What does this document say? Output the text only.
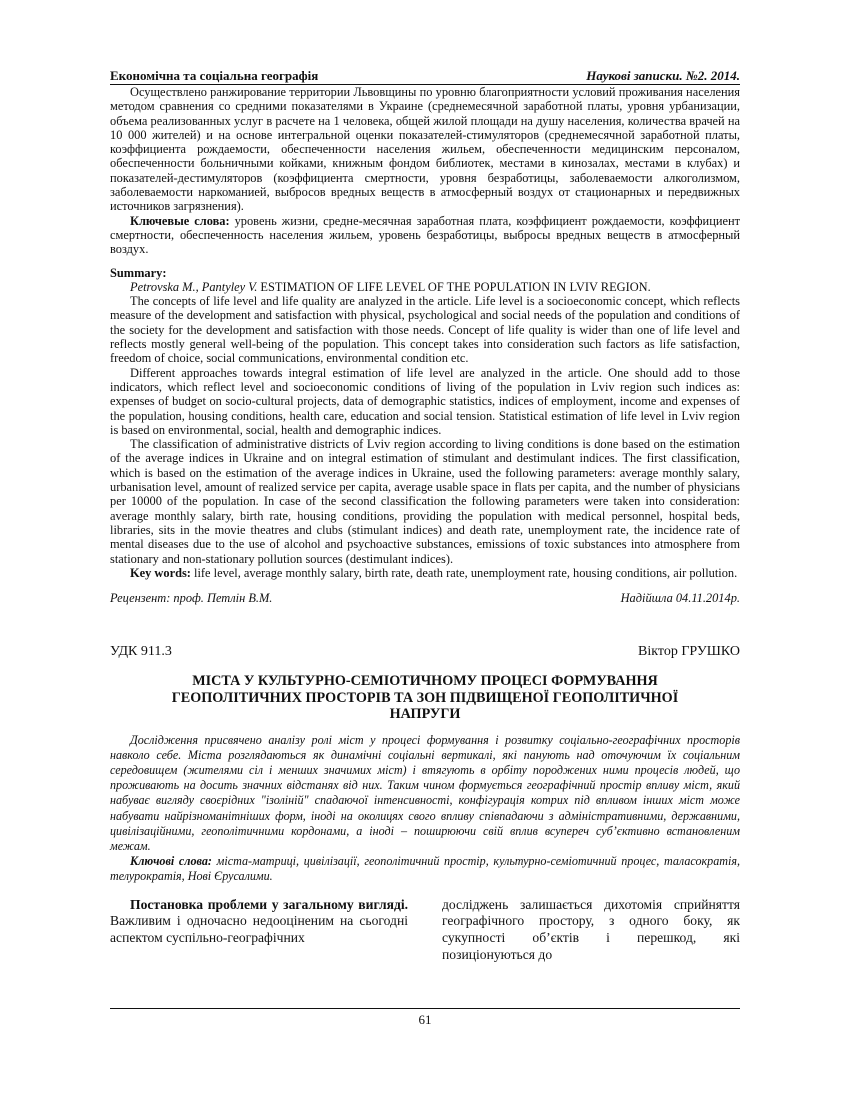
Економічна та соціальна географія	Наукові записки. №2. 2014.

Осуществлено ранжирование территории Львовщины по уровню благоприятности условий проживания населения методом сравнения со средними показателями в Украине (среднемесячной заработной платы, уровня урбанизации, объема реализованных услуг в расчете на 1 человека, общей жилой площади на душу населения, количества врачей на 10 000 жителей) и на основе интегральной оценки показателей-стимуляторов (среднемесячной заработной платы, коэффициента рождаемости, обеспеченности населения жильем, обеспеченности медицинским персоналом, обеспеченности больничными койками, книжным фондом библиотек, местами в кинозалах, местами в клубах) и показателей-дестимуляторов (коэффициента смертности, уровня безработицы, заболеваемости алкоголизмом, заболеваемости наркоманией, выбросов вредных веществ в атмосферный воздух от стационарных и передвижных источников загрязнения).

Ключевые слова: уровень жизни, средне-месячная заработная плата, коэффициент рождаемости, коэффициент смертности, обеспеченность населения жильем, уровень безработицы, выбросы вредных веществ в атмосферный воздух.

Summary:

Petrovska M., Pantyley V. ESTIMATION OF LIFE LEVEL OF THE POPULATION IN LVIV REGION.

The concepts of life level and life quality are analyzed in the article. Life level is a socioeconomic concept, which reflects measure of the development and satisfaction with physical, psychological and social needs of the population and conditions of the society for the development and satisfaction with those needs. Concept of life quality is wider than one of life level and reflects mostly general well-being of the population. This concept takes into consideration such factors as life satisfaction, freedom of choice, social communications, environmental condition etc.

Different approaches towards integral estimation of life level are analyzed in the article. One should add to those indicators, which reflect level and socioeconomic conditions of living of the population in Lviv region such indices as: expenses of budget on socio-cultural projects, data of demographic statistics, indices of employment, income and expenses of the population, housing conditions, health care, education and social tension. Statistical estimation of life level in Lviv region is based on environmental, social, health and demographic indices.

The classification of administrative districts of Lviv region according to living conditions is done based on the estimation of the average indices in Ukraine and on integral estimation of stimulant and destimulant indices. The first classification, which is based on the estimation of the average indices in Ukraine, used the following parameters: average monthly salary, urbanisation level, amount of realized service per capita, average usable space in flats per capita, and the number of physicians per 10000 of the population. In case of the second classification the following parameters were taken into consideration: average monthly salary, birth rate, housing conditions, providing the population with medical personnel, hospital beds, libraries, sits in the movie theatres and clubs (stimulant indices) and death rate, unemployment rate, the incidence rate of mental diseases due to the use of alcohol and psychoactive substances, emissions of toxic substances into atmosphere from stationary and non-stationary pollution sources (destimulant indices).

Key words: life level, average monthly salary, birth rate, death rate, unemployment rate, housing conditions, air pollution.

Рецензент: проф. Петлін В.М.	Надійшла 04.11.2014р.
УДК 911.3	Віктор ГРУШКО
МІСТА У КУЛЬТУРНО-СЕМІОТИЧНОМУ ПРОЦЕСІ ФОРМУВАННЯ
ГЕОПОЛІТИЧНИХ ПРОСТОРІВ ТА ЗОН ПІДВИЩЕНОЇ ГЕОПОЛІТИЧНОЇ
НАПРУГИ
Дослідження присвячено аналізу ролі міст у процесі формування і розвитку соціально-географічних просторів навколо себе. Міста розглядаються як динамічні соціальні вертикалі, які панують над оточуючим їх соціальним середовищем (жителями сіл і менших значимих міст) і втягують в орбіту породжених ними процесів людей, що проживають на досить значних відстанях від них. Таким чином формується географічний простір впливу міст, який набуває вигляду своєрідних "ізоліній" спадаючої інтенсивності, конфігурація котрих під впливом інших міст може набувати найрізноманітніших форм, іноді на околицях свого впливу співпадаючи з адміністративними, державними, цивілізаційними, геополітичними кордонами, а іноді – поширюючи свій вплив всупереч суб’єктивно встановленим межам.
Ключові слова: міста-матриці, цивілізації, геополітичний простір, культурно-семіотичний процес, таласократія, телурократія, Нові Єрусалими.
Постановка проблеми у загальному вигляді. Важливим і одночасно недооціненим на сьогодні аспектом суспільно-географічних
досліджень залишається дихотомія сприйняття географічного простору, з одного боку, як сукупності об’єктів і перешкод, які позиціонуються до
61
